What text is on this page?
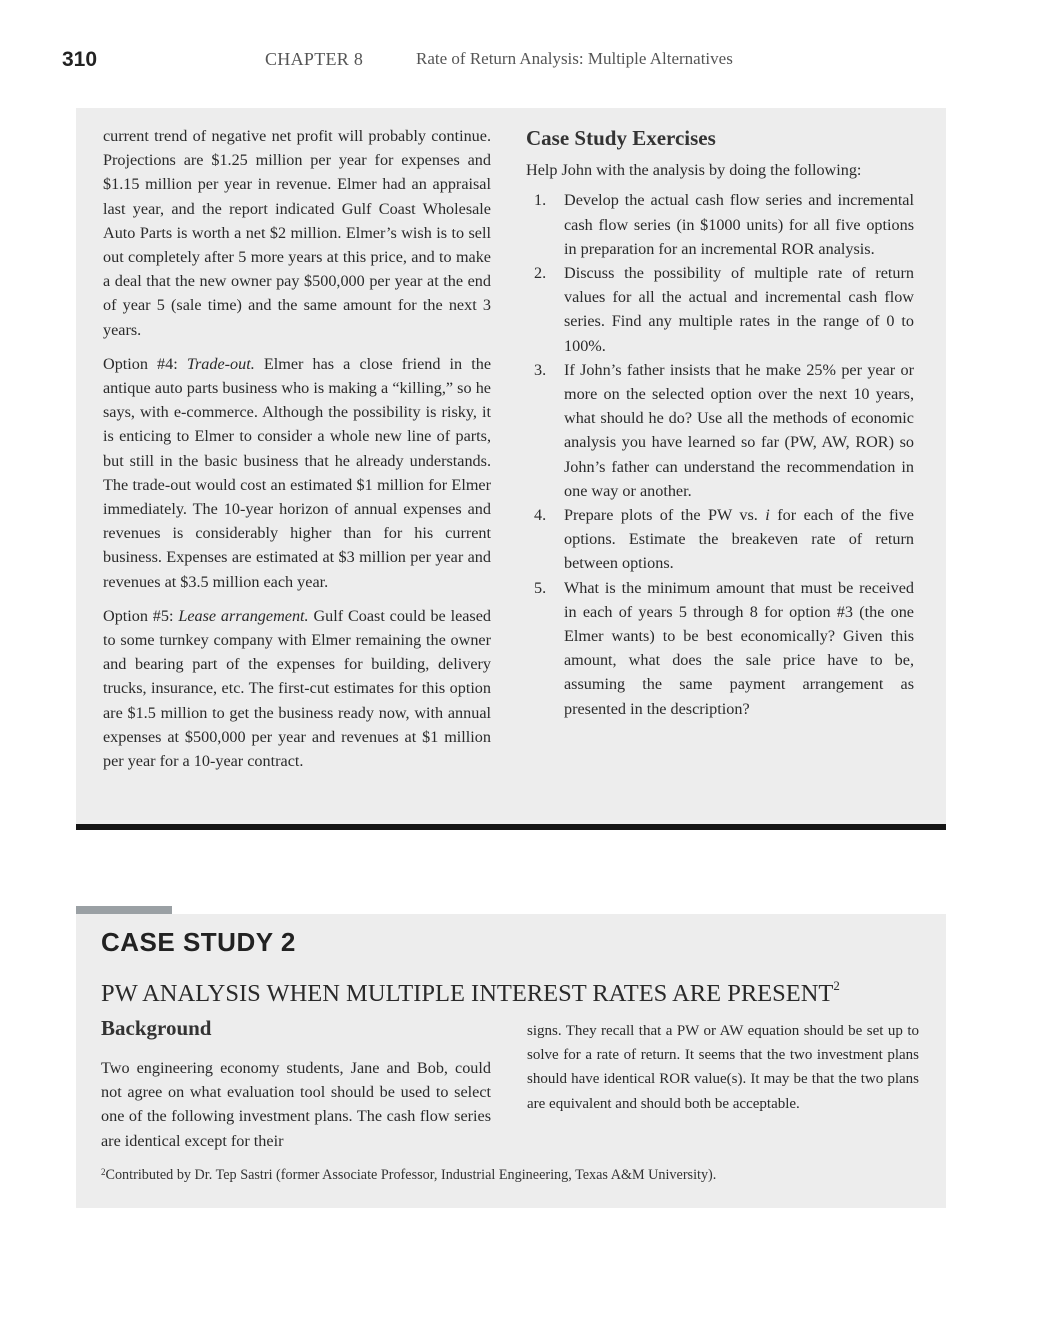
310	CHAPTER 8	Rate of Return Analysis: Multiple Alternatives

current trend of negative net profit will probably continue. Projections are $1.25 million per year for expenses and $1.15 million per year in revenue. Elmer had an appraisal last year, and the report indicated Gulf Coast Wholesale Auto Parts is worth a net $2 million. Elmer’s wish is to sell out completely after 5 more years at this price, and to make a deal that the new owner pay $500,000 per year at the end of year 5 (sale time) and the same amount for the next 3 years.

Option #4: Trade-out. Elmer has a close friend in the antique auto parts business who is making a “killing,” so he says, with e-commerce. Although the possibility is risky, it is enticing to Elmer to consider a whole new line of parts, but still in the basic business that he already understands. The trade-out would cost an estimated $1 million for Elmer immediately. The 10-year horizon of annual expenses and revenues is considerably higher than for his current business. Expenses are estimated at $3 million per year and revenues at $3.5 million each year.

Option #5: Lease arrangement. Gulf Coast could be leased to some turnkey company with Elmer remaining the owner and bearing part of the expenses for building, delivery trucks, insurance, etc. The first-cut estimates for this option are $1.5 million to get the business ready now, with annual expenses at $500,000 per year and revenues at $1 million per year for a 10-year contract.

Case Study Exercises
Help John with the analysis by doing the following:
1. Develop the actual cash flow series and incremental cash flow series (in $1000 units) for all five options in preparation for an incremental ROR analysis.
2. Discuss the possibility of multiple rate of return values for all the actual and incremental cash flow series. Find any multiple rates in the range of 0 to 100%.
3. If John’s father insists that he make 25% per year or more on the selected option over the next 10 years, what should he do? Use all the methods of economic analysis you have learned so far (PW, AW, ROR) so John’s father can understand the recommendation in one way or another.
4. Prepare plots of the PW vs. i for each of the five options. Estimate the breakeven rate of return between options.
5. What is the minimum amount that must be received in each of years 5 through 8 for option #3 (the one Elmer wants) to be best economically? Given this amount, what does the sale price have to be, assuming the same payment arrangement as presented in the description?
CASE STUDY 2
PW ANALYSIS WHEN MULTIPLE INTEREST RATES ARE PRESENT$^2$
Background
Two engineering economy students, Jane and Bob, could not agree on what evaluation tool should be used to select one of the following investment plans. The cash flow series are identical except for their
signs. They recall that a PW or AW equation should be set up to solve for a rate of return. It seems that the two investment plans should have identical ROR value(s). It may be that the two plans are equivalent and should both be acceptable.
$^2$Contributed by Dr. Tep Sastri (former Associate Professor, Industrial Engineering, Texas A&M University).
